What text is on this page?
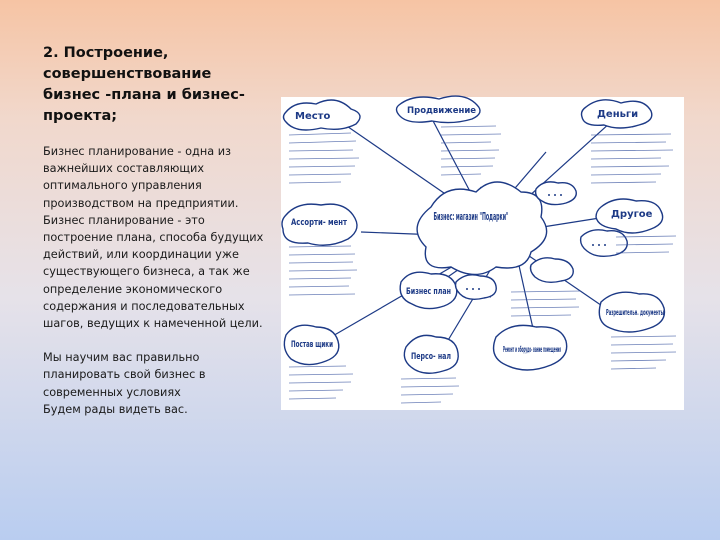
2. Построение, совершенствование бизнес -плана и бизнес-проекта;

Бизнес планирование - одна из важнейших составляющих оптимального управления производством на предприятии. Бизнес планирование - это построение плана, способа будущих действий, или координации уже существующего бизнеса, а так же определение экономического содержания и последовательных шагов, ведущих к намеченной цели.

Мы научим вас правильно планировать свой бизнес в современных условиях

Будем рады видеть вас.

Бизнес: магазин "Подарки"
Место	Продвижение	Деньги
Ассорти- мент
Другое
Бизнес план
Разрешительн. документы
Постав щики
Персо- нал
Ремонт и оборудо- вание помещения
